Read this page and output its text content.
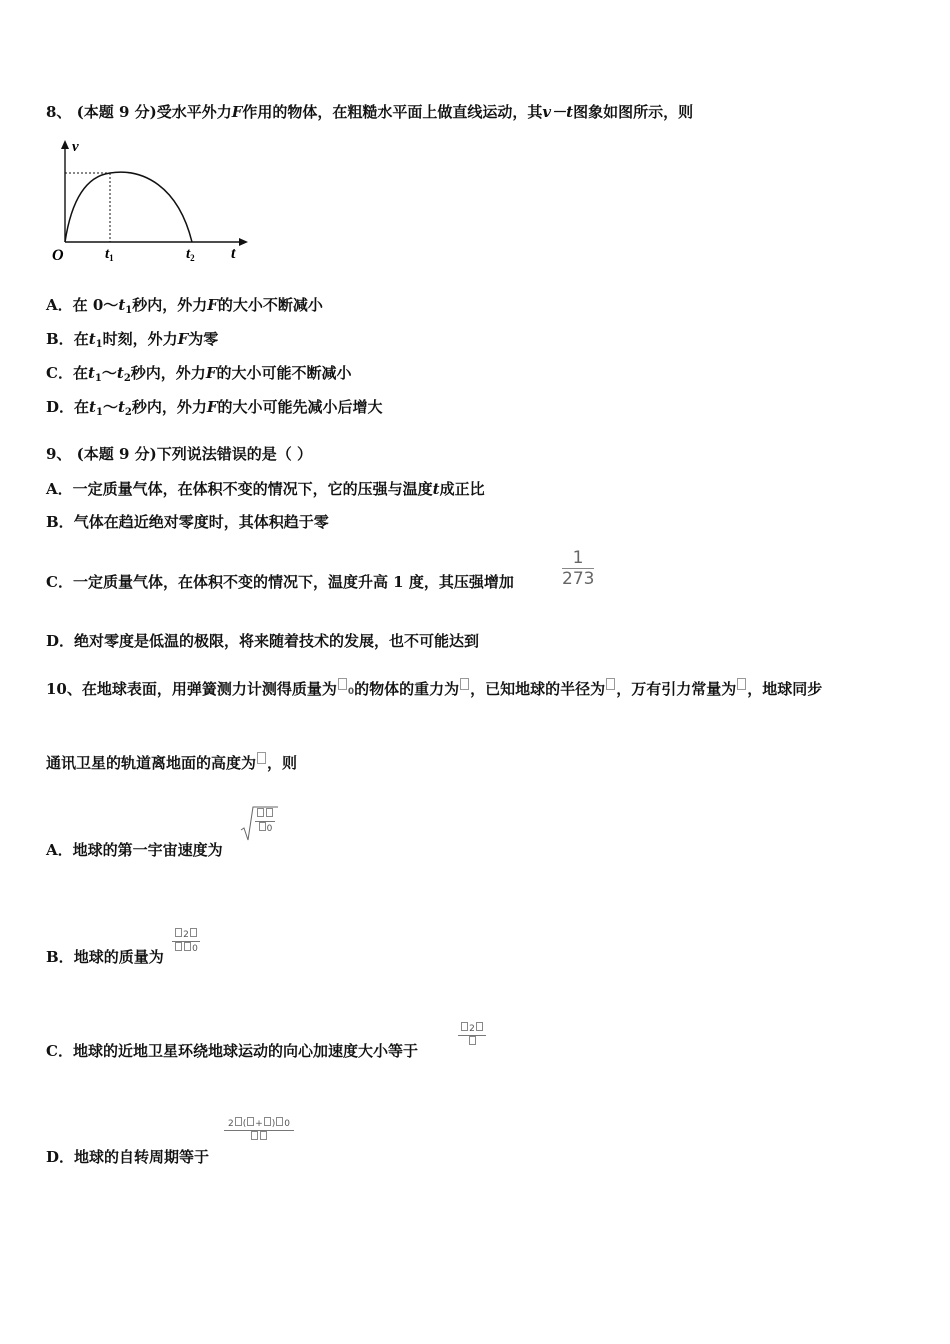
8、 (本题 9 分)受水平外力F作用的物体，在粗糙水平面上做直线运动，其v－t图象如图所示，则
v
O	$t_1$	$t_2$ t
A．在 $0\sim t_1$秒内，外力F的大小不断减小
B．在$t_1$时刻，外力F为零
C．在$t_1\sim t_2$秒内，外力F的大小可能不断减小
D．在$t_1\sim t_2$秒内，外力F的大小可能先减小后增大
9、 (本题 9 分)下列说法错误的是（ ）
A．一定质量气体，在体积不变的情况下，它的压强与温度t成正比
B．气体在趋近绝对零度时，其体积趋于零
C．一定质量气体，在体积不变的情况下，温度升高 1 度，其压强增加
1
273
D．绝对零度是低温的极限，将来随着技术的发展，也不可能达到
10、在地球表面，用弹簧测力计测得质量为 0的物体的重力为 ，已知地球的半径为 ，万有引力常量为 ，地球同步
通讯卫星的轨道离地面的高度为 ，则
A．地球的第一宇宙速度为
0
B．地球的质量为
2
0
C．地球的近地卫星环绕地球运动的向心加速度大小等于
2
D．地球的自转周期等于
2 ( + ) 0
